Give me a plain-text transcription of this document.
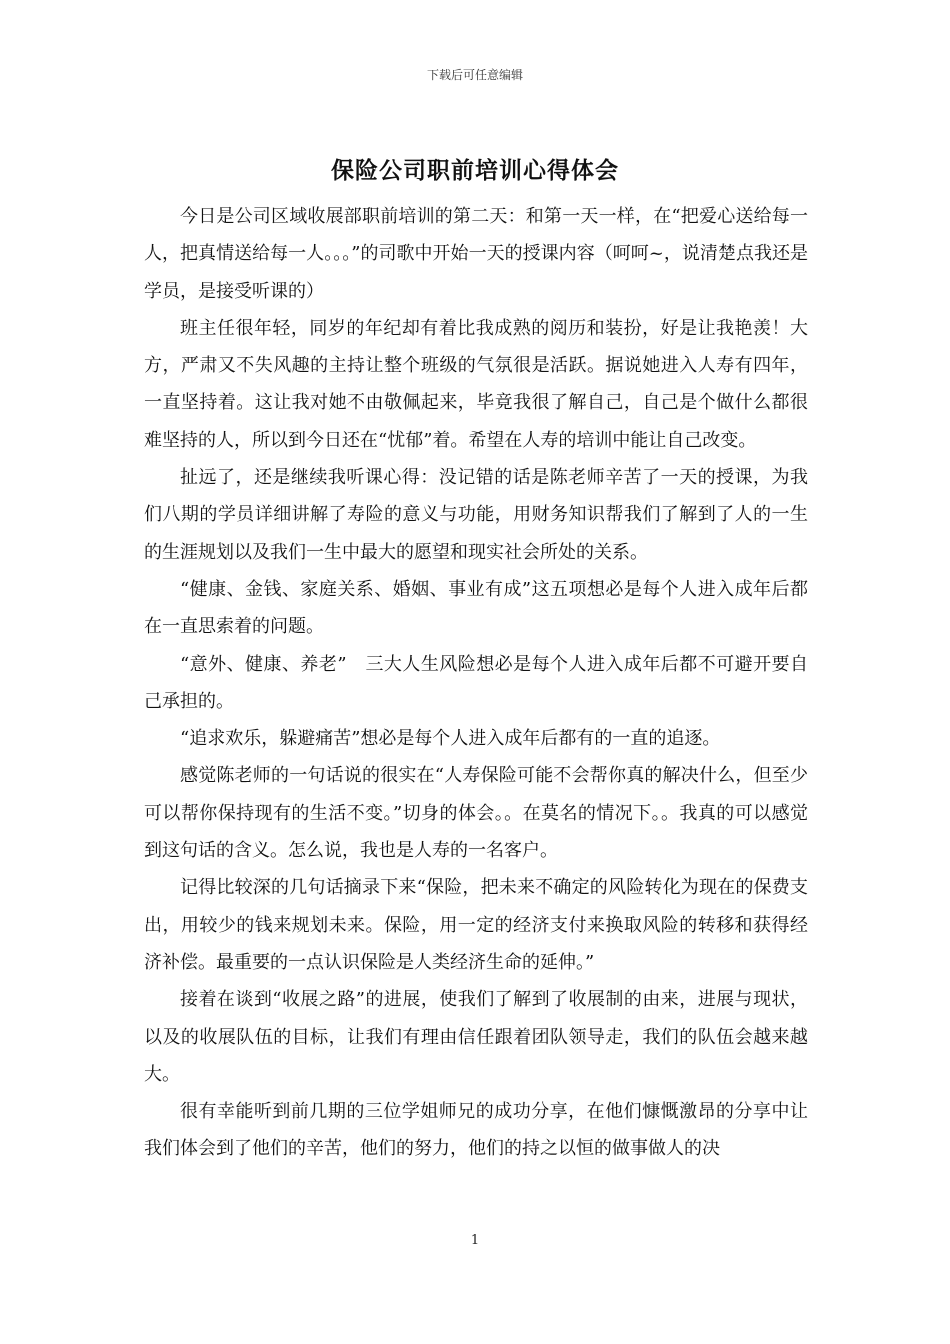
下载后可任意编辑
保险公司职前培训心得体会

今日是公司区域收展部职前培训的第二天：和第一天一样，在“把爱心送给每一人，把真情送给每一人。。。”的司歌中开始一天的授课内容（呵呵~，说清楚点我还是学员，是接受听课的）

班主任很年轻，同岁的年纪却有着比我成熟的阅历和装扮，好是让我艳羡！大方，严肃又不失风趣的主持让整个班级的气氛很是活跃。据说她进入人寿有四年，一直坚持着。这让我对她不由敬佩起来，毕竟我很了解自己，自己是个做什么都很难坚持的人，所以到今日还在“忧郁”着。希望在人寿的培训中能让自己改变。

扯远了，还是继续我听课心得：没记错的话是陈老师辛苦了一天的授课，为我们八期的学员详细讲解了寿险的意义与功能，用财务知识帮我们了解到了人的一生的生涯规划以及我们一生中最大的愿望和现实社会所处的关系。

“健康、金钱、家庭关系、婚姻、事业有成”这五项想必是每个人进入成年后都在一直思索着的问题。

“意外、健康、养老”　三大人生风险想必是每个人进入成年后都不可避开要自己承担的。

“追求欢乐，躲避痛苦”想必是每个人进入成年后都有的一直的追逐。

感觉陈老师的一句话说的很实在“人寿保险可能不会帮你真的解决什么，但至少可以帮你保持现有的生活不变。”切身的体会。。在莫名的情况下。。我真的可以感觉到这句话的含义。怎么说，我也是人寿的一名客户。

记得比较深的几句话摘录下来“保险，把未来不确定的风险转化为现在的保费支出，用较少的钱来规划未来。保险，用一定的经济支付来换取风险的转移和获得经济补偿。最重要的一点认识保险是人类经济生命的延伸。”

接着在谈到“收展之路”的进展，使我们了解到了收展制的由来，进展与现状，以及的收展队伍的目标，让我们有理由信任跟着团队领导走，我们的队伍会越来越大。

很有幸能听到前几期的三位学姐师兄的成功分享，在他们慷慨激昂的分享中让我们体会到了他们的辛苦，他们的努力，他们的持之以恒的做事做人的决

1
